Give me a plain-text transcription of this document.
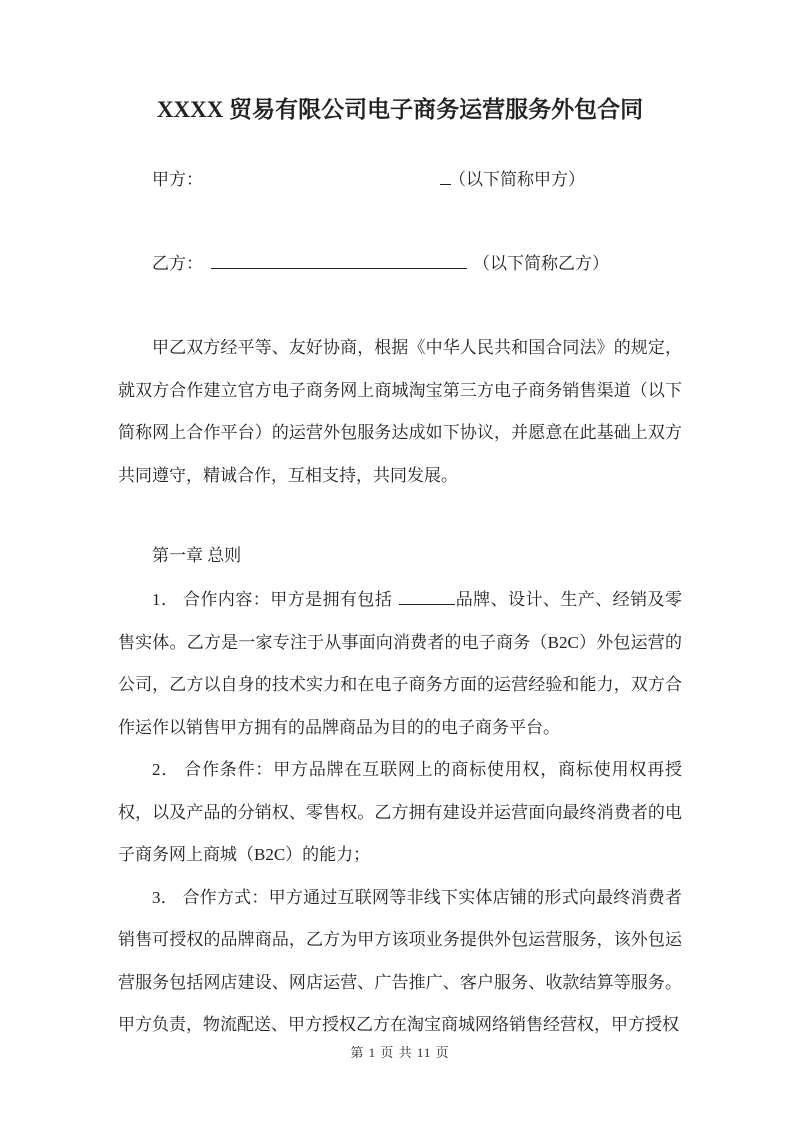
XXXX 贸易有限公司电子商务运营服务外包合同
甲方：	（以下简称甲方）
乙方：	（以下简称乙方）

甲乙双方经平等、友好协商，根据《中华人民共和国合同法》的规定，就双方合作建立官方电子商务网上商城淘宝第三方电子商务销售渠道（以下简称网上合作平台）的运营外包服务达成如下协议，并愿意在此基础上双方共同遵守，精诚合作，互相支持，共同发展。

第一章 总则

1． 合作内容：甲方是拥有包括	品牌、设计、生产、经销及零售实体。乙方是一家专注于从事面向消费者的电子商务（B2C）外包运营的公司，乙方以自身的技术实力和在电子商务方面的运营经验和能力，双方合作运作以销售甲方拥有的品牌商品为目的的电子商务平台。

2． 合作条件：甲方品牌在互联网上的商标使用权，商标使用权再授权，以及产品的分销权、零售权。乙方拥有建设并运营面向最终消费者的电子商务网上商城（B2C）的能力；

3． 合作方式：甲方通过互联网等非线下实体店铺的形式向最终消费者销售可授权的品牌商品，乙方为甲方该项业务提供外包运营服务，该外包运营服务包括网店建设、网店运营、广告推广、客户服务、收款结算等服务。甲方负责，物流配送、甲方授权乙方在淘宝商城网络销售经营权，甲方授权

第 1 页 共 11 页
